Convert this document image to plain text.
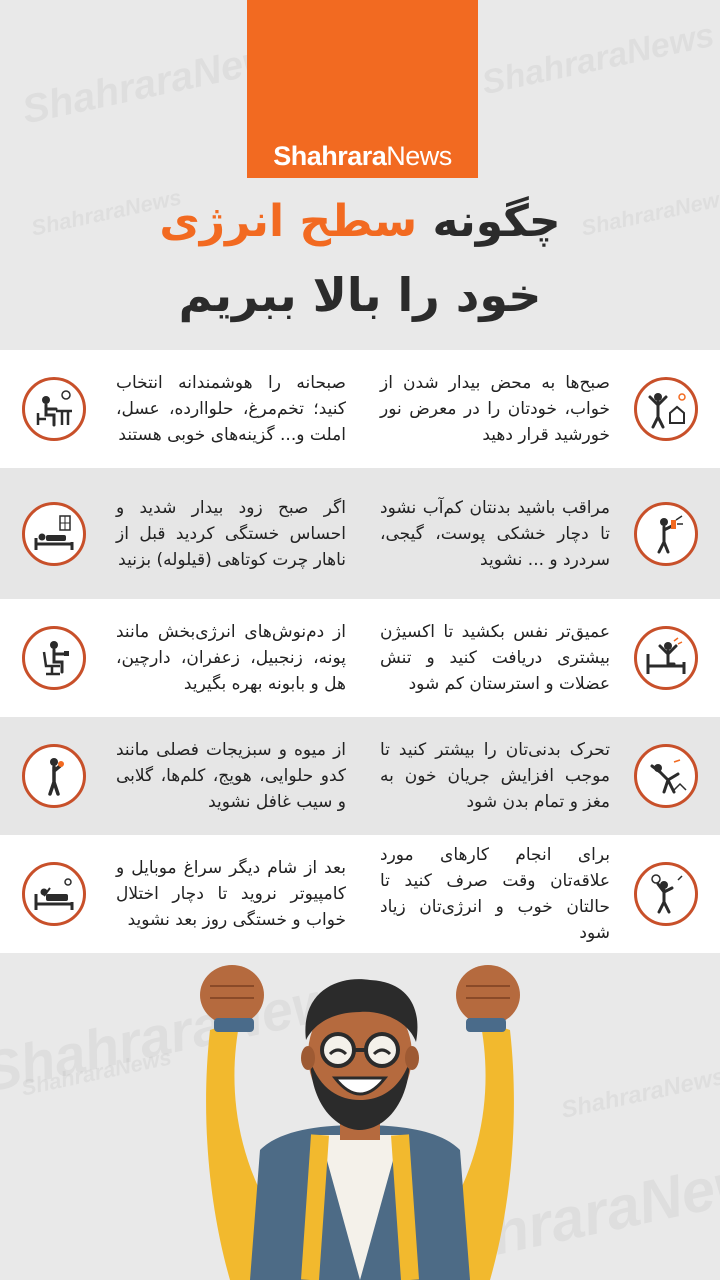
ShahraraNews
چگونه سطح انرژی
خود را بالا ببریم
صبح‌ها به محض بیدار شدن از خواب، خودتان را در معرض نور خورشید قرار دهید
صبحانه را هوشمندانه انتخاب کنید؛ تخم‌مرغ، حلوا‌ارده، عسل، املت و... گزینه‌های خوبی هستند
مراقب باشید بدنتان کم‌آب نشود تا دچار خشکی پوست، گیجی، سردرد و ... نشوید
اگر صبح زود بیدار شدید و احساس خستگی کردید قبل از ناهار چرت کوتاهی (قیلوله) بزنید
عمیق‌تر نفس بکشید تا اکسیژن بیشتری دریافت کنید و تنش عضلات و استرستان کم شود
از دم‌نوش‌های انرژی‌بخش مانند پونه، زنجبیل، زعفران، دارچین، هل و بابونه بهره بگیرید
تحرک بدنی‌تان را بیشتر کنید تا موجب افزایش جریان خون به مغز و تمام بدن شود
از میوه و سبزیجات فصلی مانند کدو حلوایی، هویج، کلم‌ها، گلابی و سیب غافل نشوید
برای انجام کارهای مورد علاقه‌تان وقت صرف کنید تا حالتان خوب و انرژی‌تان زیاد شود
بعد از شام دیگر سراغ موبایل و کامپیوتر نروید تا دچار اختلال خواب و خستگی روز بعد نشوید
